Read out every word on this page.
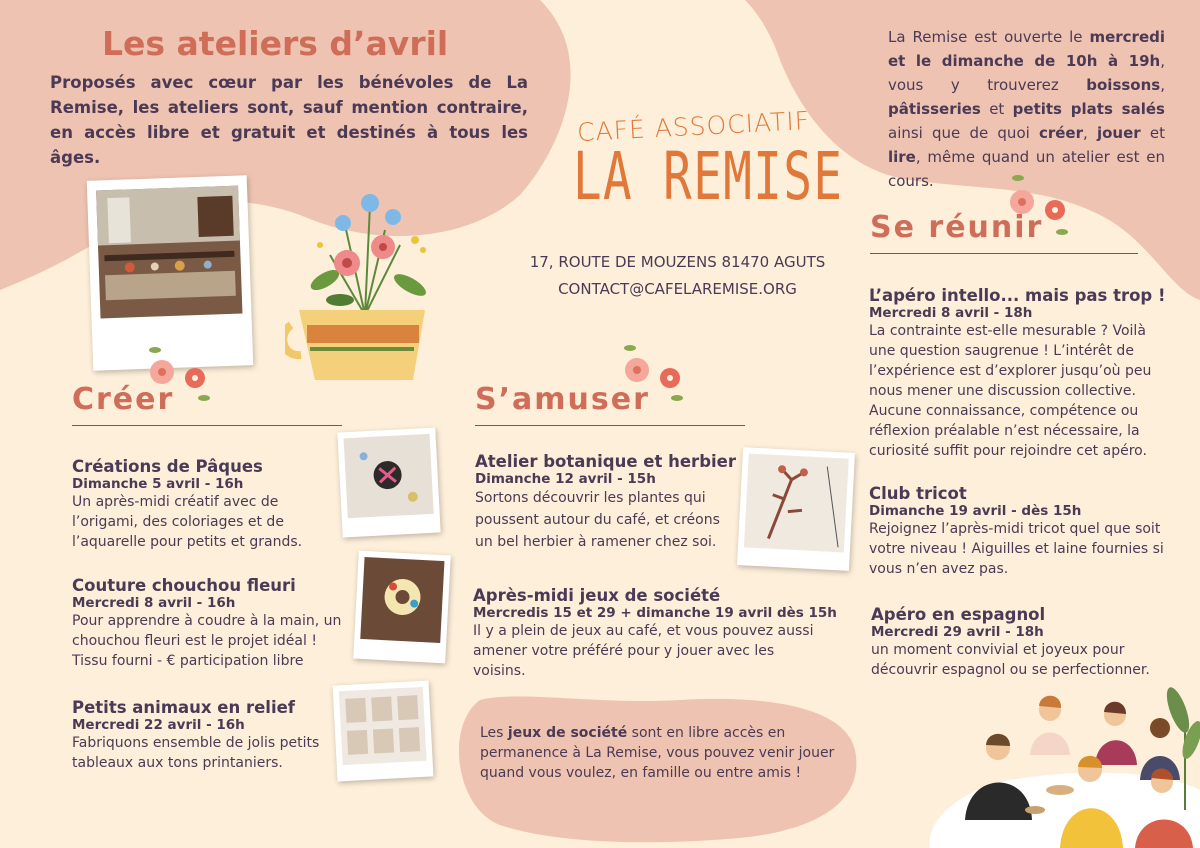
Les ateliers d’avril
Proposés avec cœur par les bénévoles de La Remise, les ateliers sont, sauf mention contraire, en accès libre et gratuit et destinés à tous les âges.
La Remise est ouverte le mercredi et le dimanche de 10h à 19h, vous y trouverez boissons, pâtisseries et petits plats salés ainsi que de quoi créer, jouer et lire, même quand un atelier est en cours.
CAFÉ ASSOCIATIF
LA REMISE
17, ROUTE DE MOUZENS 81470 AGUTS
CONTACT@CAFELAREMISE.ORG
Créer	S’amuser
Se réunir
Créations de Pâques
Dimanche 5 avril - 16h
Un après-midi créatif avec de l’origami, des coloriages et de l’aquarelle pour petits et grands.
Couture chouchou fleuri
Mercredi 8 avril - 16h
Pour apprendre à coudre à la main, un chouchou fleuri est le projet idéal ! Tissu fourni - € participation libre
Petits animaux en relief
Mercredi 22 avril - 16h
Fabriquons ensemble de jolis petits tableaux aux tons printaniers.
Atelier botanique et herbier
Dimanche 12 avril - 15h
Sortons découvrir les plantes qui poussent autour du café, et créons un bel herbier à ramener chez soi.
Après-midi jeux de société
Mercredis 15 et 29 + dimanche 19 avril dès 15h
Il y a plein de jeux au café, et vous pouvez aussi amener votre préféré pour y jouer avec les voisins.
Les jeux de société sont en libre accès en permanence à La Remise, vous pouvez venir jouer quand vous voulez, en famille ou entre amis !
L’apéro intello... mais pas trop !
Mercredi 8 avril - 18h
La contrainte est-elle mesurable ? Voilà une question saugrenue ! L’intérêt de l’expérience est d’explorer jusqu’où peu nous mener une discussion collective. Aucune connaissance, compétence ou réflexion préalable n’est nécessaire, la curiosité suffit pour rejoindre cet apéro.
Club tricot
Dimanche 19 avril - dès 15h
Rejoignez l’après-midi tricot quel que soit votre niveau ! Aiguilles et laine fournies si vous n’en avez pas.
Apéro en espagnol
Mercredi 29 avril - 18h
un moment convivial et joyeux pour découvrir espagnol ou se perfectionner.
